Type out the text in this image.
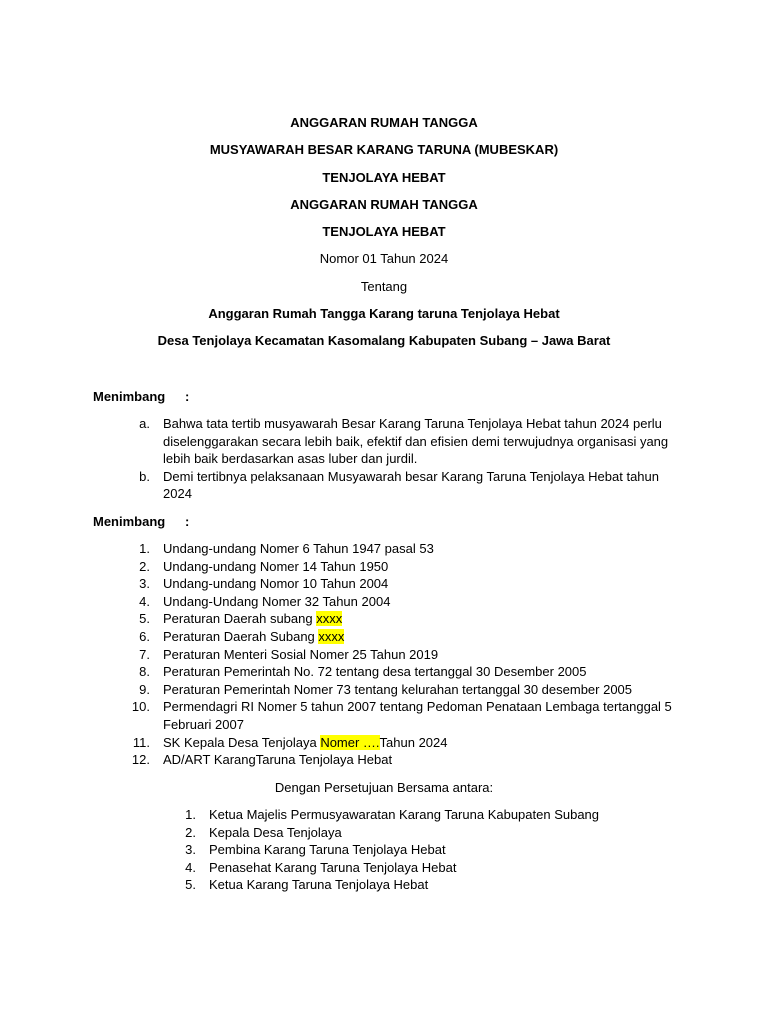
ANGGARAN RUMAH TANGGA
MUSYAWARAH BESAR KARANG TARUNA (MUBESKAR)
TENJOLAYA HEBAT
ANGGARAN RUMAH TANGGA
TENJOLAYA HEBAT
Nomor 01 Tahun 2024
Tentang
Anggaran Rumah Tangga Karang taruna Tenjolaya Hebat
Desa Tenjolaya Kecamatan Kasomalang Kabupaten Subang – Jawa Barat
Menimbang :
a. Bahwa tata tertib musyawarah Besar Karang Taruna Tenjolaya Hebat tahun 2024 perlu
diselenggarakan secara lebih baik, efektif dan efisien demi terwujudnya organisasi yang
lebih baik berdasarkan asas luber dan jurdil.
b. Demi tertibnya pelaksanaan Musyawarah besar Karang Taruna Tenjolaya Hebat tahun
2024
Menimbang :
1. Undang-undang Nomer 6 Tahun 1947 pasal 53
2. Undang-undang Nomer 14 Tahun 1950
3. Undang-undang Nomor 10 Tahun 2004
4. Undang-Undang Nomer 32 Tahun 2004
5. Peraturan Daerah subang xxxx
6. Peraturan Daerah Subang xxxx
7. Peraturan Menteri Sosial Nomer 25 Tahun 2019
8. Peraturan Pemerintah No. 72 tentang desa tertanggal 30 Desember 2005
9. Peraturan Pemerintah Nomer 73 tentang kelurahan tertanggal 30 desember 2005
10. Permendagri RI Nomer 5 tahun 2007 tentang Pedoman Penataan Lembaga tertanggal 5
Februari 2007
11. SK Kepala Desa Tenjolaya Nomer ….Tahun 2024
12. AD/ART KarangTaruna Tenjolaya Hebat
Dengan Persetujuan Bersama antara:
1. Ketua Majelis Permusyawaratan Karang Taruna Kabupaten Subang
2. Kepala Desa Tenjolaya
3. Pembina Karang Taruna Tenjolaya Hebat
4. Penasehat Karang Taruna Tenjolaya Hebat
5. Ketua Karang Taruna Tenjolaya Hebat
